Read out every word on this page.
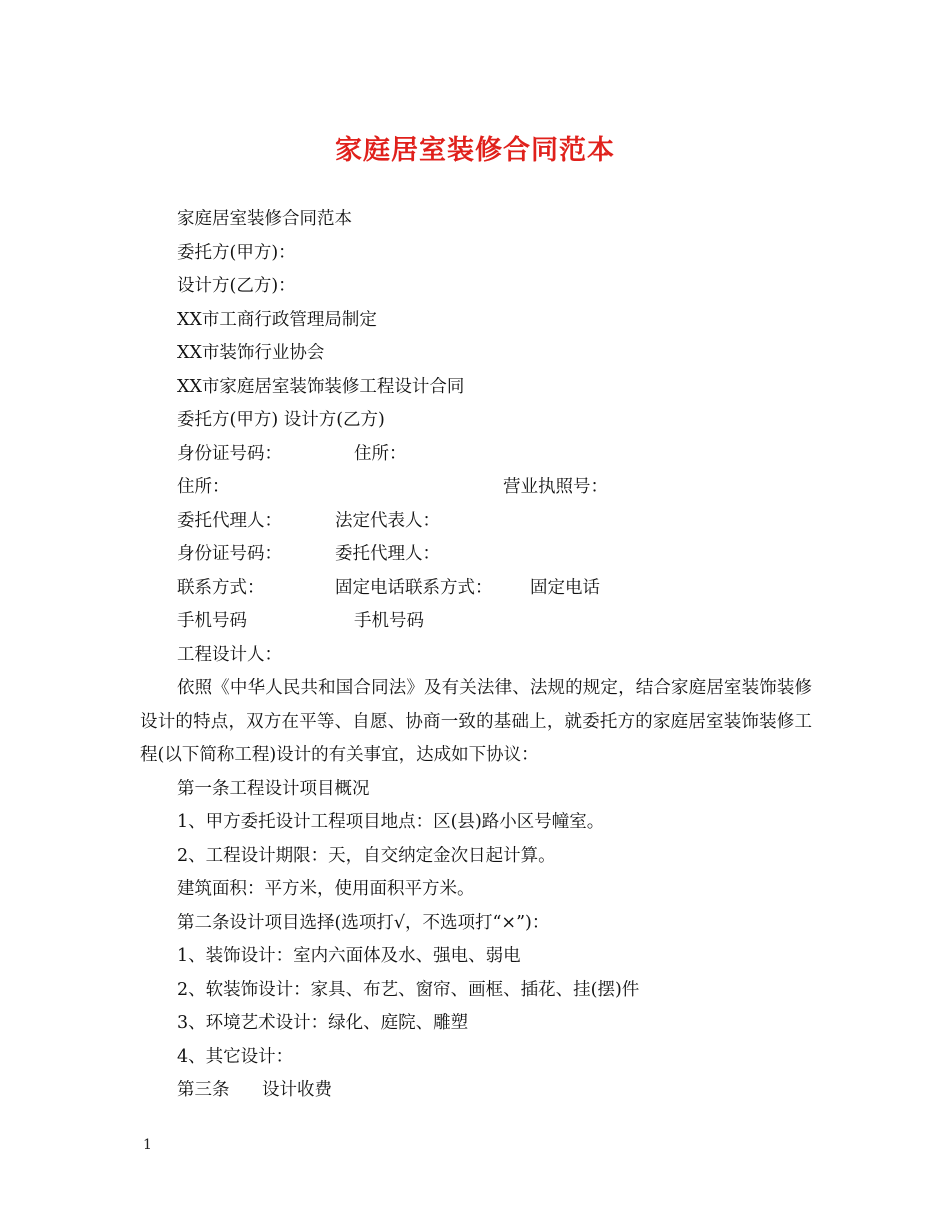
家庭居室装修合同范本

家庭居室装修合同范本

委托方(甲方)：

设计方(乙方)：

XX市工商行政管理局制定

XX市装饰行业协会

XX市家庭居室装饰装修工程设计合同

委托方(甲方) 设计方(乙方)

身份证号码：	住所：

住所：	营业执照号：

委托代理人：	法定代表人：

身份证号码：	委托代理人：

联系方式：	固定电话联系方式： 固定电话

手机号码	手机号码

工程设计人：

依照《中华人民共和国合同法》及有关法律、法规的规定，结合家庭居室装饰装修设计的特点，双方在平等、自愿、协商一致的基础上，就委托方的家庭居室装饰装修工程(以下简称工程)设计的有关事宜，达成如下协议：

第一条工程设计项目概况

1、甲方委托设计工程项目地点：区(县)路小区号幢室。

2、工程设计期限：天，自交纳定金次日起计算。

建筑面积：平方米，使用面积平方米。

第二条设计项目选择(选项打√，不选项打“×”)：

1、装饰设计：室内六面体及水、强电、弱电

2、软装饰设计：家具、布艺、窗帘、画框、插花、挂(摆)件

3、环境艺术设计：绿化、庭院、雕塑

4、其它设计：

第三条 设计收费

1
